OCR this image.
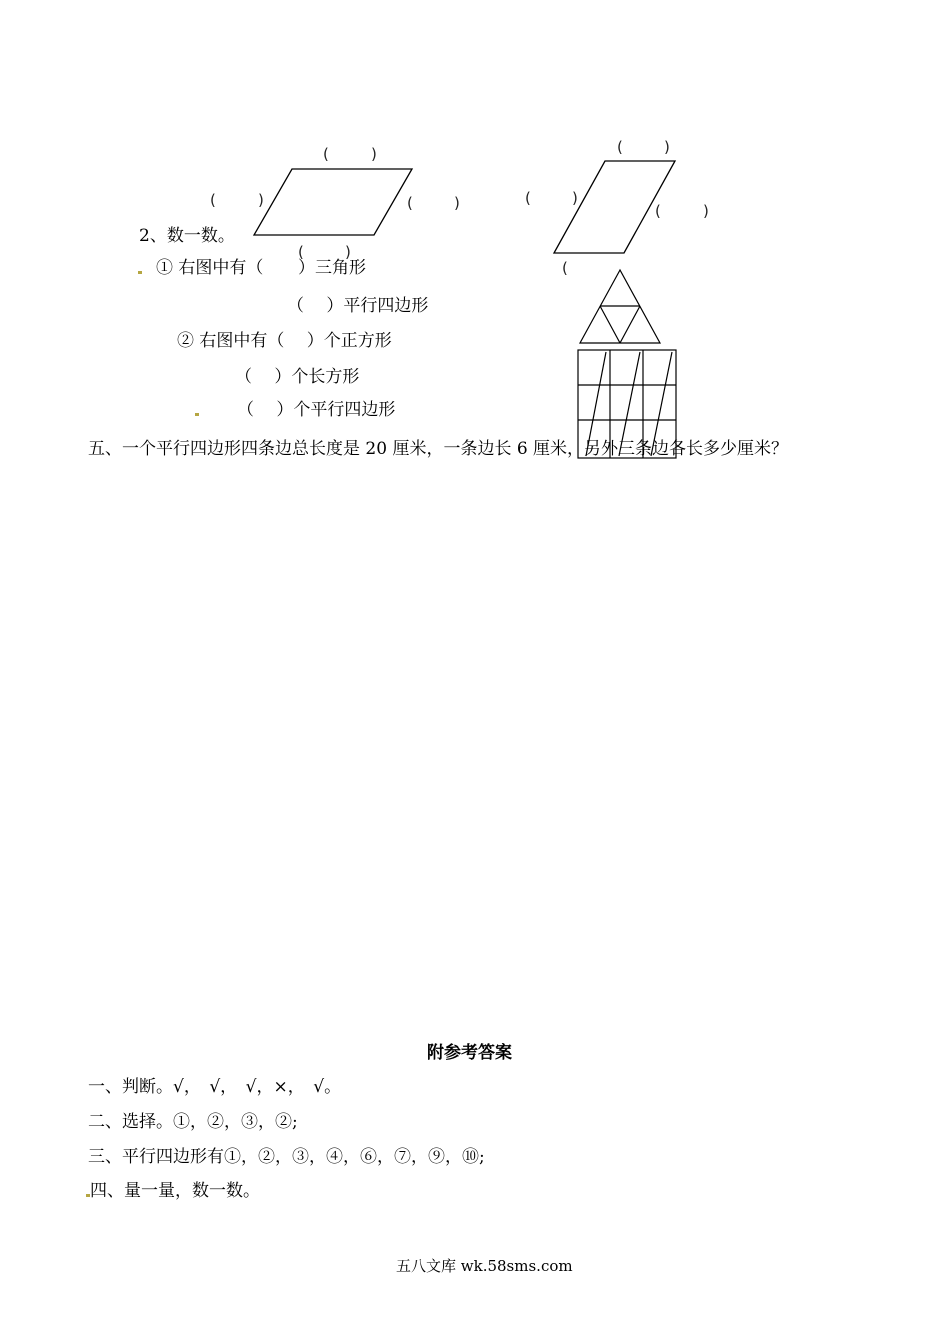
(	)
(	)	(	)
(	)
(	)
(	)
(	)
(
2、数一数。
① 右图中有（ ）三角形
（　 ）平行四边形
② 右图中有（　 ）个正方形
（　 ）个长方形
（　 ）个平行四边形
五、一个平行四边形四条边总长度是 20 厘米，一条边长 6 厘米，另外三条边各长多少厘米？
附参考答案
一、判断。√，　√，　√，×，　√。
二、选择。①，②，③，②;
三、平行四边形有①，②，③，④，⑥，⑦，⑨，⑩;
四、量一量，数一数。
五八文库 wk.58sms.com
